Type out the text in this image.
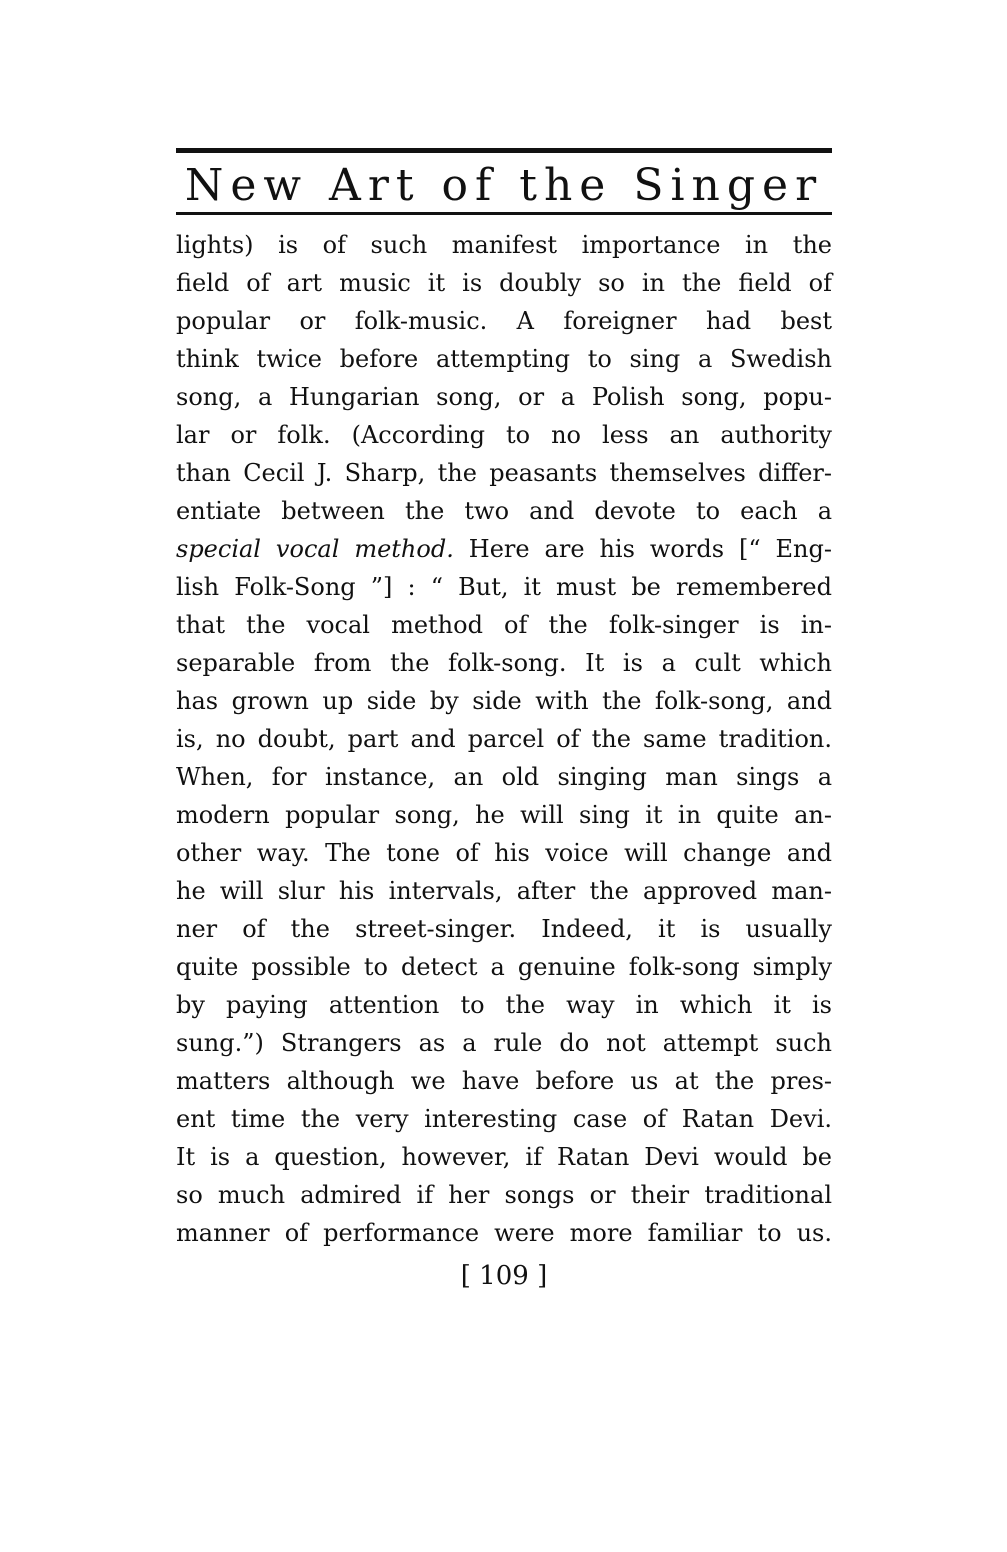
New Art of the Singer
lights) is of such manifest importance in the
field of art music it is doubly so in the field of
popular or folk-music. A foreigner had best
think twice before attempting to sing a Swedish
song, a Hungarian song, or a Polish song, popu-
lar or folk. (According to no less an authority
than Cecil J. Sharp, the peasants themselves differ-
entiate between the two and devote to each a
special vocal method. Here are his words [“ Eng-
lish Folk-Song ”] : “ But, it must be remembered
that the vocal method of the folk-singer is in-
separable from the folk-song. It is a cult which
has grown up side by side with the folk-song, and
is, no doubt, part and parcel of the same tradition.
When, for instance, an old singing man sings a
modern popular song, he will sing it in quite an-
other way. The tone of his voice will change and
he will slur his intervals, after the approved man-
ner of the street-singer. Indeed, it is usually
quite possible to detect a genuine folk-song simply
by paying attention to the way in which it is
sung.”) Strangers as a rule do not attempt such
matters although we have before us at the pres-
ent time the very interesting case of Ratan Devi.
It is a question, however, if Ratan Devi would be
so much admired if her songs or their traditional
manner of performance were more familiar to us.
[ 109 ]
